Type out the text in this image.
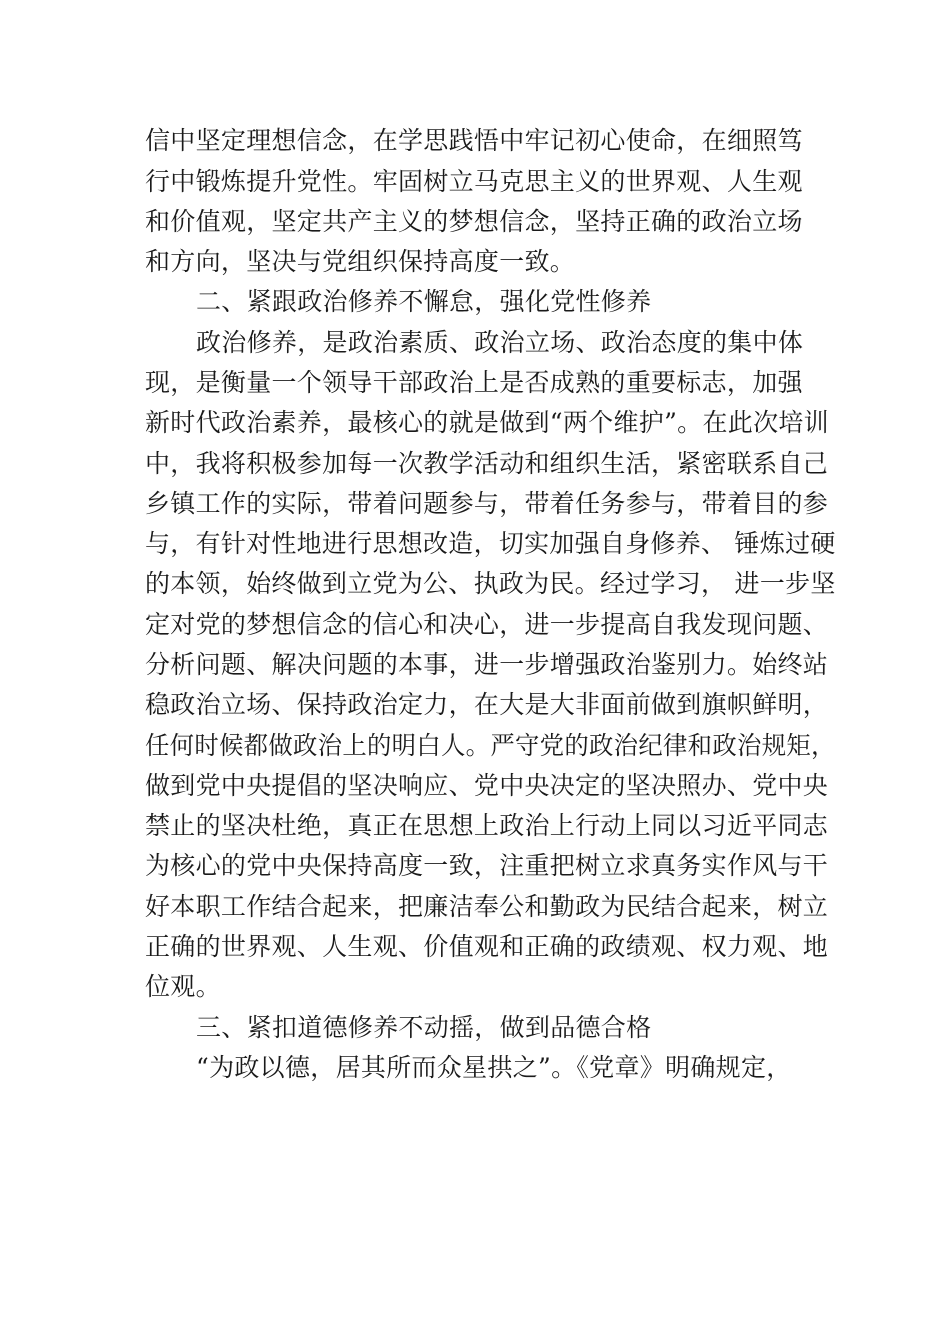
信中坚定理想信念，在学思践悟中牢记初心使命，在细照笃
行中锻炼提升党性。牢固树立马克思主义的世界观、人生观
和价值观，坚定共产主义的梦想信念，坚持正确的政治立场
和方向，坚决与党组织保持高度一致。
二、紧跟政治修养不懈怠，强化党性修养
政治修养，是政治素质、政治立场、政治态度的集中体
现，是衡量一个领导干部政治上是否成熟的重要标志，加强
新时代政治素养，最核心的就是做到“两个维护”。在此次培训
中，我将积极参加每一次教学活动和组织生活，紧密联系自己
乡镇工作的实际，带着问题参与，带着任务参与，带着目的参
与，有针对性地进行思想改造，切实加强自身修养、 锤炼过硬
的本领，始终做到立党为公、执政为民。经过学习， 进一步坚
定对党的梦想信念的信心和决心，进一步提高自我发现问题、
分析问题、解决问题的本事，进一步增强政治鉴别力。始终站
稳政治立场、保持政治定力，在大是大非面前做到旗帜鲜明，
任何时候都做政治上的明白人。严守党的政治纪律和政治规矩，
做到党中央提倡的坚决响应、党中央决定的坚决照办、党中央
禁止的坚决杜绝，真正在思想上政治上行动上同以习近平同志
为核心的党中央保持高度一致，注重把树立求真务实作风与干
好本职工作结合起来，把廉洁奉公和勤政为民结合起来，树立
正确的世界观、人生观、价值观和正确的政绩观、权力观、地
位观。
三、紧扣道德修养不动摇，做到品德合格
“为政以德，居其所而众星拱之”。《党章》明确规定，
